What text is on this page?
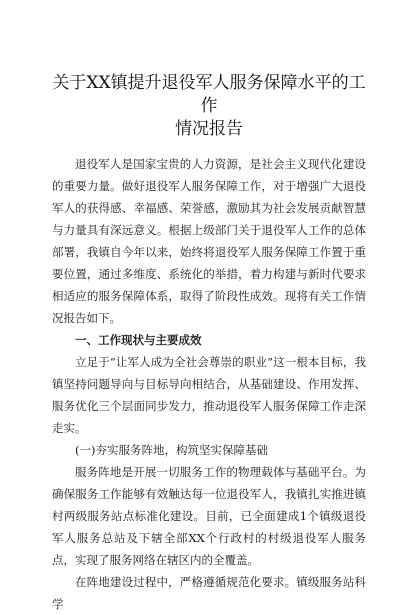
关于XX镇提升退役军人服务保障水平的工作
情况报告

退役军人是国家宝贵的人力资源，是社会主义现代化建设的重要力量。做好退役军人服务保障工作，对于增强广大退役军人的获得感、幸福感、荣誉感，激励其为社会发展贡献智慧与力量具有深远意义。根据上级部门关于退役军人工作的总体部署，我镇自今年以来，始终将退役军人服务保障工作置于重要位置，通过多维度、系统化的举措，着力构建与新时代要求相适应的服务保障体系，取得了阶段性成效。现将有关工作情况报告如下。

一、工作现状与主要成效

立足于“让军人成为全社会尊崇的职业”这一根本目标，我镇坚持问题导向与目标导向相结合，从基础建设、作用发挥、服务优化三个层面同步发力，推动退役军人服务保障工作走深走实。

(一)夯实服务阵地，构筑坚实保障基础

服务阵地是开展一切服务工作的物理载体与基础平台。为确保服务工作能够有效触达每一位退役军人，我镇扎实推进镇村两级服务站点标准化建设。目前，已全面建成1个镇级退役军人服务总站及下辖全部XX个行政村的村级退役军人服务点，实现了服务网络在辖区内的全覆盖。

在阵地建设过程中，严格遵循规范化要求。镇级服务站科学
